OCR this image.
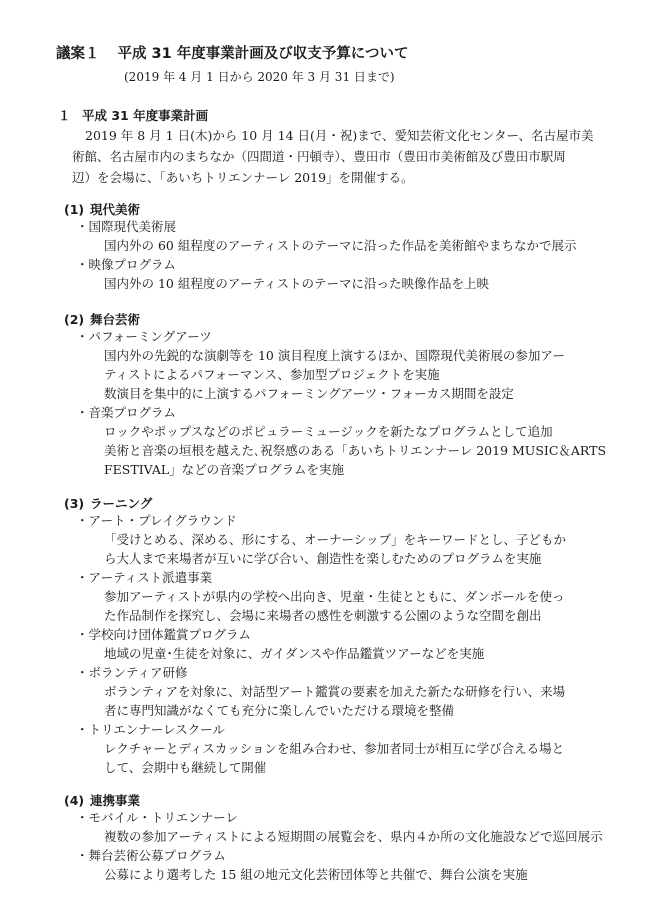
議案１ 平成 31 年度事業計画及び収支予算について
(2019 年 4 月 1 日から 2020 年 3 月 31 日まで)
１ 平成 31 年度事業計画
2019 年 8 月 1 日(木)から 10 月 14 日(月・祝)まで、愛知芸術文化センター、名古屋市美
術館、名古屋市内のまちなか（四間道・円頓寺）、豊田市（豊田市美術館及び豊田市駅周
辺）を会場に、「あいちトリエンナーレ 2019」を開催する。
(1) 現代美術
・国際現代美術展
国内外の 60 組程度のアーティストのテーマに沿った作品を美術館やまちなかで展示
・映像プログラム
国内外の 10 組程度のアーティストのテーマに沿った映像作品を上映
(2) 舞台芸術
・パフォーミングアーツ
国内外の先鋭的な演劇等を 10 演目程度上演するほか、国際現代美術展の参加アー
ティストによるパフォーマンス、参加型プロジェクトを実施
数演目を集中的に上演するパフォーミングアーツ・フォーカス期間を設定
・音楽プログラム
ロックやポップスなどのポピュラーミュージックを新たなプログラムとして追加
美術と音楽の垣根を越えた､祝祭感のある「あいちトリエンナーレ 2019 MUSIC＆ARTS
FESTIVAL」などの音楽プログラムを実施
(3) ラーニング
・アート・プレイグラウンド
「受けとめる、深める、形にする、オーナーシップ」をキーワードとし、子どもか
ら大人まで来場者が互いに学び合い、創造性を楽しむためのプログラムを実施
・アーティスト派遣事業
参加アーティストが県内の学校へ出向き、児童・生徒とともに、ダンボールを使っ
た作品制作を探究し、会場に来場者の感性を刺激する公園のような空間を創出
・学校向け団体鑑賞プログラム
地域の児童･生徒を対象に、ガイダンスや作品鑑賞ツアーなどを実施
・ボランティア研修
ボランティアを対象に、対話型アート鑑賞の要素を加えた新たな研修を行い、来場
者に専門知識がなくても充分に楽しんでいただける環境を整備
・トリエンナーレスクール
レクチャーとディスカッションを組み合わせ、参加者同士が相互に学び合える場と
して、会期中も継続して開催
(4) 連携事業
・モバイル・トリエンナーレ
複数の参加アーティストによる短期間の展覧会を、県内４か所の文化施設などで巡回展示
・舞台芸術公募プログラム
公募により選考した 15 組の地元文化芸術団体等と共催で、舞台公演を実施
